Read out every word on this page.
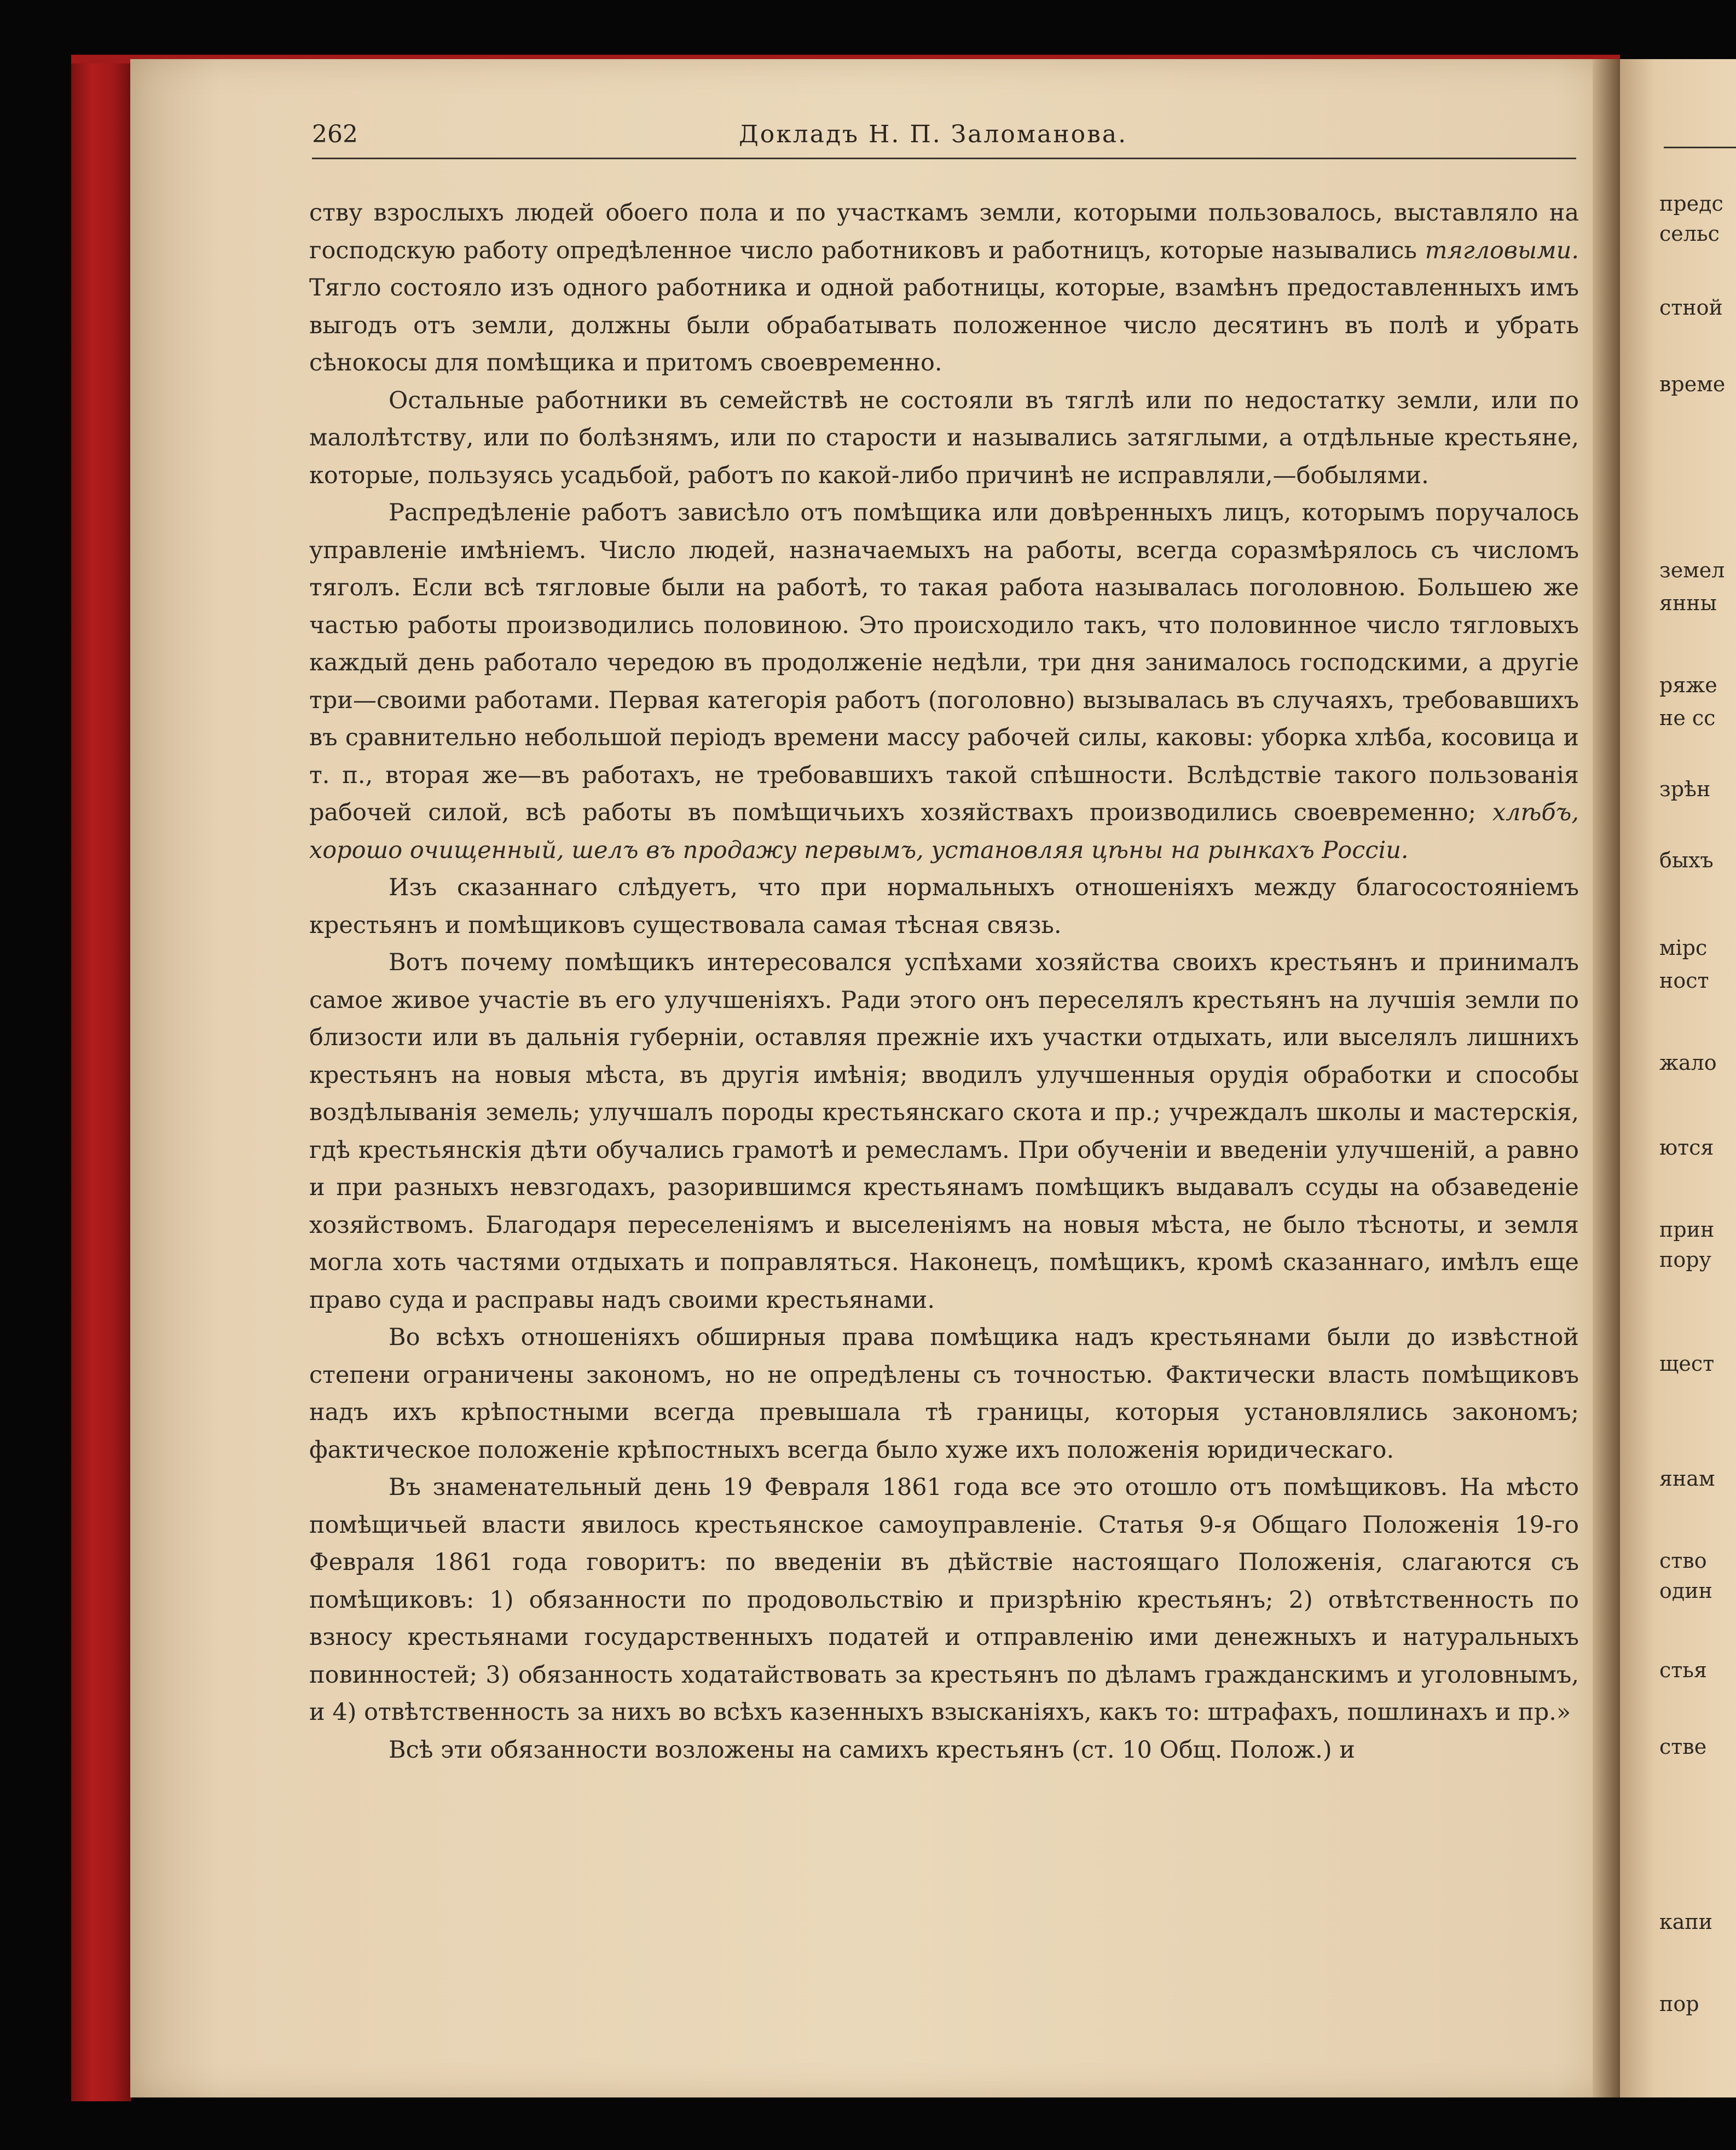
262	Докладъ Н. П. Заломанова.

ству взрослыхъ людей обоего пола и по участкамъ земли, которыми пользовалось, выставляло на господскую работу опредѣленное число работниковъ и работницъ, которые назывались тягловыми. Тягло состояло изъ одного работника и одной работницы, которые, взамѣнъ предоставленныхъ имъ выгодъ отъ земли, должны были обрабатывать положенное число десятинъ въ полѣ и убрать сѣнокосы для помѣщика и притомъ своевременно.

Остальные работники въ семействѣ не состояли въ тяглѣ или по недостатку земли, или по малолѣтству, или по болѣзнямъ, или по старости и назывались затяглыми, а отдѣльные крестьяне, которые, пользуясь усадьбой, работъ по какой-либо причинѣ не исправляли,—бобылями.

Распредѣленіе работъ зависѣло отъ помѣщика или довѣренныхъ лицъ, которымъ поручалось управленіе имѣніемъ. Число людей, назначаемыхъ на работы, всегда соразмѣрялось съ числомъ тяголъ. Если всѣ тягловые были на работѣ, то такая работа называлась поголовною. Большею же частью работы производились половиною. Это происходило такъ, что половинное число тягловыхъ каждый день работало чередою въ продолженіе недѣли, три дня занималось господскими, а другіе три—своими работами. Первая категорія работъ (поголовно) вызывалась въ случаяхъ, требовавшихъ въ сравнительно небольшой періодъ времени массу рабочей силы, каковы: уборка хлѣба, косовица и т. п., вторая же—въ работахъ, не требовавшихъ такой спѣшности. Вслѣдствіе такого пользованія рабочей силой, всѣ работы въ помѣщичьихъ хозяйствахъ производились своевременно; хлѣбъ, хорошо очищенный, шелъ въ продажу первымъ, установляя цѣны на рынкахъ Россіи.

Изъ сказаннаго слѣдуетъ, что при нормальныхъ отношеніяхъ между благосостояніемъ крестьянъ и помѣщиковъ существовала самая тѣсная связь.

Вотъ почему помѣщикъ интересовался успѣхами хозяйства своихъ крестьянъ и принималъ самое живое участіе въ его улучшеніяхъ. Ради этого онъ переселялъ крестьянъ на лучшія земли по близости или въ дальнія губерніи, оставляя прежніе ихъ участки отдыхать, или выселялъ лишнихъ крестьянъ на новыя мѣста, въ другія имѣнія; вводилъ улучшенныя орудія обработки и способы воздѣлыванія земель; улучшалъ породы крестьянскаго скота и пр.; учреждалъ школы и мастерскія, гдѣ крестьянскія дѣти обучались грамотѣ и ремесламъ. При обученіи и введеніи улучшеній, а равно и при разныхъ невзгодахъ, разорившимся крестьянамъ помѣщикъ выдавалъ ссуды на обзаведеніе хозяйствомъ. Благодаря переселеніямъ и выселеніямъ на новыя мѣста, не было тѣсноты, и земля могла хоть частями отдыхать и поправляться. Наконецъ, помѣщикъ, кромѣ сказаннаго, имѣлъ еще право суда и расправы надъ своими крестьянами.

Во всѣхъ отношеніяхъ обширныя права помѣщика надъ крестьянами были до извѣстной степени ограничены закономъ, но не опредѣлены съ точностью. Фактически власть помѣщиковъ надъ ихъ крѣпостными всегда превышала тѣ границы, которыя установлялись закономъ; фактическое положеніе крѣпостныхъ всегда было хуже ихъ положенія юридическаго.

Въ знаменательный день 19 Февраля 1861 года все это отошло отъ помѣщиковъ. На мѣсто помѣщичьей власти явилось крестьянское самоуправленіе. Статья 9-я Общаго Положенія 19-го Февраля 1861 года говоритъ: по введеніи въ дѣйствіе настоящаго Положенія, слагаются съ помѣщиковъ: 1) обязанности по продовольствію и призрѣнію крестьянъ; 2) отвѣтственность по взносу крестьянами государственныхъ податей и отправленію ими денежныхъ и натуральныхъ повинностей; 3) обязанность ходатайствовать за крестьянъ по дѣламъ гражданскимъ и уголовнымъ, и 4) отвѣтственность за нихъ во всѣхъ казенныхъ взысканіяхъ, какъ то: штрафахъ, пошлинахъ и пр.»

Всѣ эти обязанности возложены на самихъ крестьянъ (ст. 10 Общ. Полож.) и

предс
сельс
стной
време
земел
янны
ряже
не сс
зрѣн
быхъ
мірс
ност
жало
ются
прин
пору
щест
янам
ство
один
стья
стве
капи
пор
